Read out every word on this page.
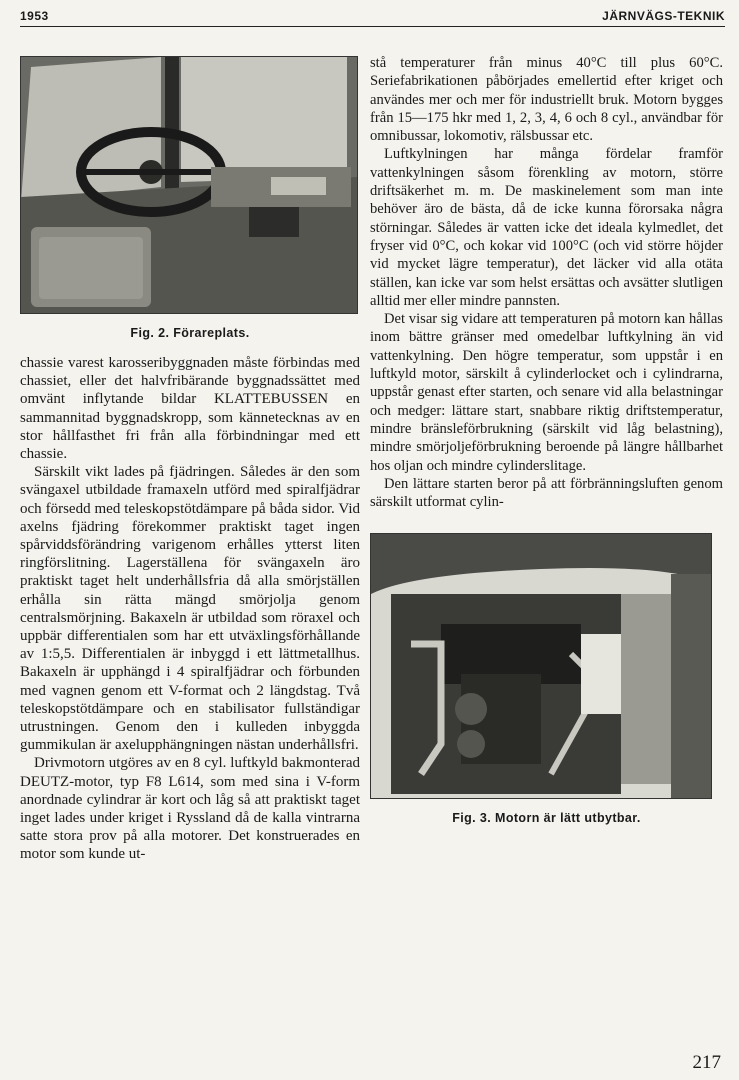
1953	JÄRNVÄGS-TEKNIK
Fig. 2. Förareplats.

chassie varest karosseribyggnaden måste förbindas med chassiet, eller det halvfribärande byggnadssättet med omvänt inflytande bildar KLATTEBUSSEN en sammannitad byggnadskropp, som kännetecknas av en stor hållfasthet fri från alla förbindningar med ett chassie.

Särskilt vikt lades på fjädringen. Således är den som svängaxel utbildade framaxeln utförd med spiralfjädrar och försedd med teleskopstötdämpare på båda sidor. Vid axelns fjädring förekommer praktiskt taget ingen spårviddsförändring varigenom erhålles ytterst liten ringförslitning. Lagerställena för svängaxeln äro praktiskt taget helt underhållsfria då alla smörjställen erhålla sin rätta mängd smörjolja genom centralsmörjning. Bakaxeln är utbildad som röraxel och uppbär differentialen som har ett utväxlingsförhållande av 1:5,5. Differentialen är inbyggd i ett lättmetallhus. Bakaxeln är upphängd i 4 spiralfjädrar och förbunden med vagnen genom ett V-format och 2 längdstag. Två teleskopstötdämpare och en stabilisator fullständigar utrustningen. Genom den i kulleden inbyggda gummikulan är axelupphängningen nästan underhållsfri.

Drivmotorn utgöres av en 8 cyl. luftkyld bakmonterad DEUTZ-motor, typ F8 L614, som med sina i V-form anordnade cylindrar är kort och låg så att praktiskt taget inget lades under kriget i Ryssland då de kalla vintrarna satte stora prov på alla motorer. Det konstruerades en motor som kunde ut-

stå temperaturer från minus 40°C till plus 60°C. Seriefabrikationen påbörjades emellertid efter kriget och användes mer och mer för industriellt bruk. Motorn bygges från 15—175 hkr med 1, 2, 3, 4, 6 och 8 cyl., användbar för omnibussar, lokomotiv, rälsbussar etc.

Luftkylningen har många fördelar framför vattenkylningen såsom förenkling av motorn, större driftsäkerhet m. m. De maskinelement som man inte behöver äro de bästa, då de icke kunna förorsaka några störningar. Således är vatten icke det ideala kylmedlet, det fryser vid 0°C, och kokar vid 100°C (och vid större höjder vid mycket lägre temperatur), det läcker vid alla otäta ställen, kan icke var som helst ersättas och avsätter slutligen alltid mer eller mindre pannsten.

Det visar sig vidare att temperaturen på motorn kan hållas inom bättre gränser med omedelbar luftkylning än vid vattenkylning. Den högre temperatur, som uppstår i en luftkyld motor, särskilt å cylinderlocket och i cylindrarna, uppstår genast efter starten, och senare vid alla belastningar och medger: lättare start, snabbare riktig driftstemperatur, mindre bränsleförbrukning (särskilt vid låg belastning), mindre smörjoljeförbrukning beroende på längre hållbarhet hos oljan och mindre cylinderslitage.

Den lättare starten beror på att förbränningsluften genom särskilt utformat cylin-

Fig. 3. Motorn är lätt utbytbar.
217
